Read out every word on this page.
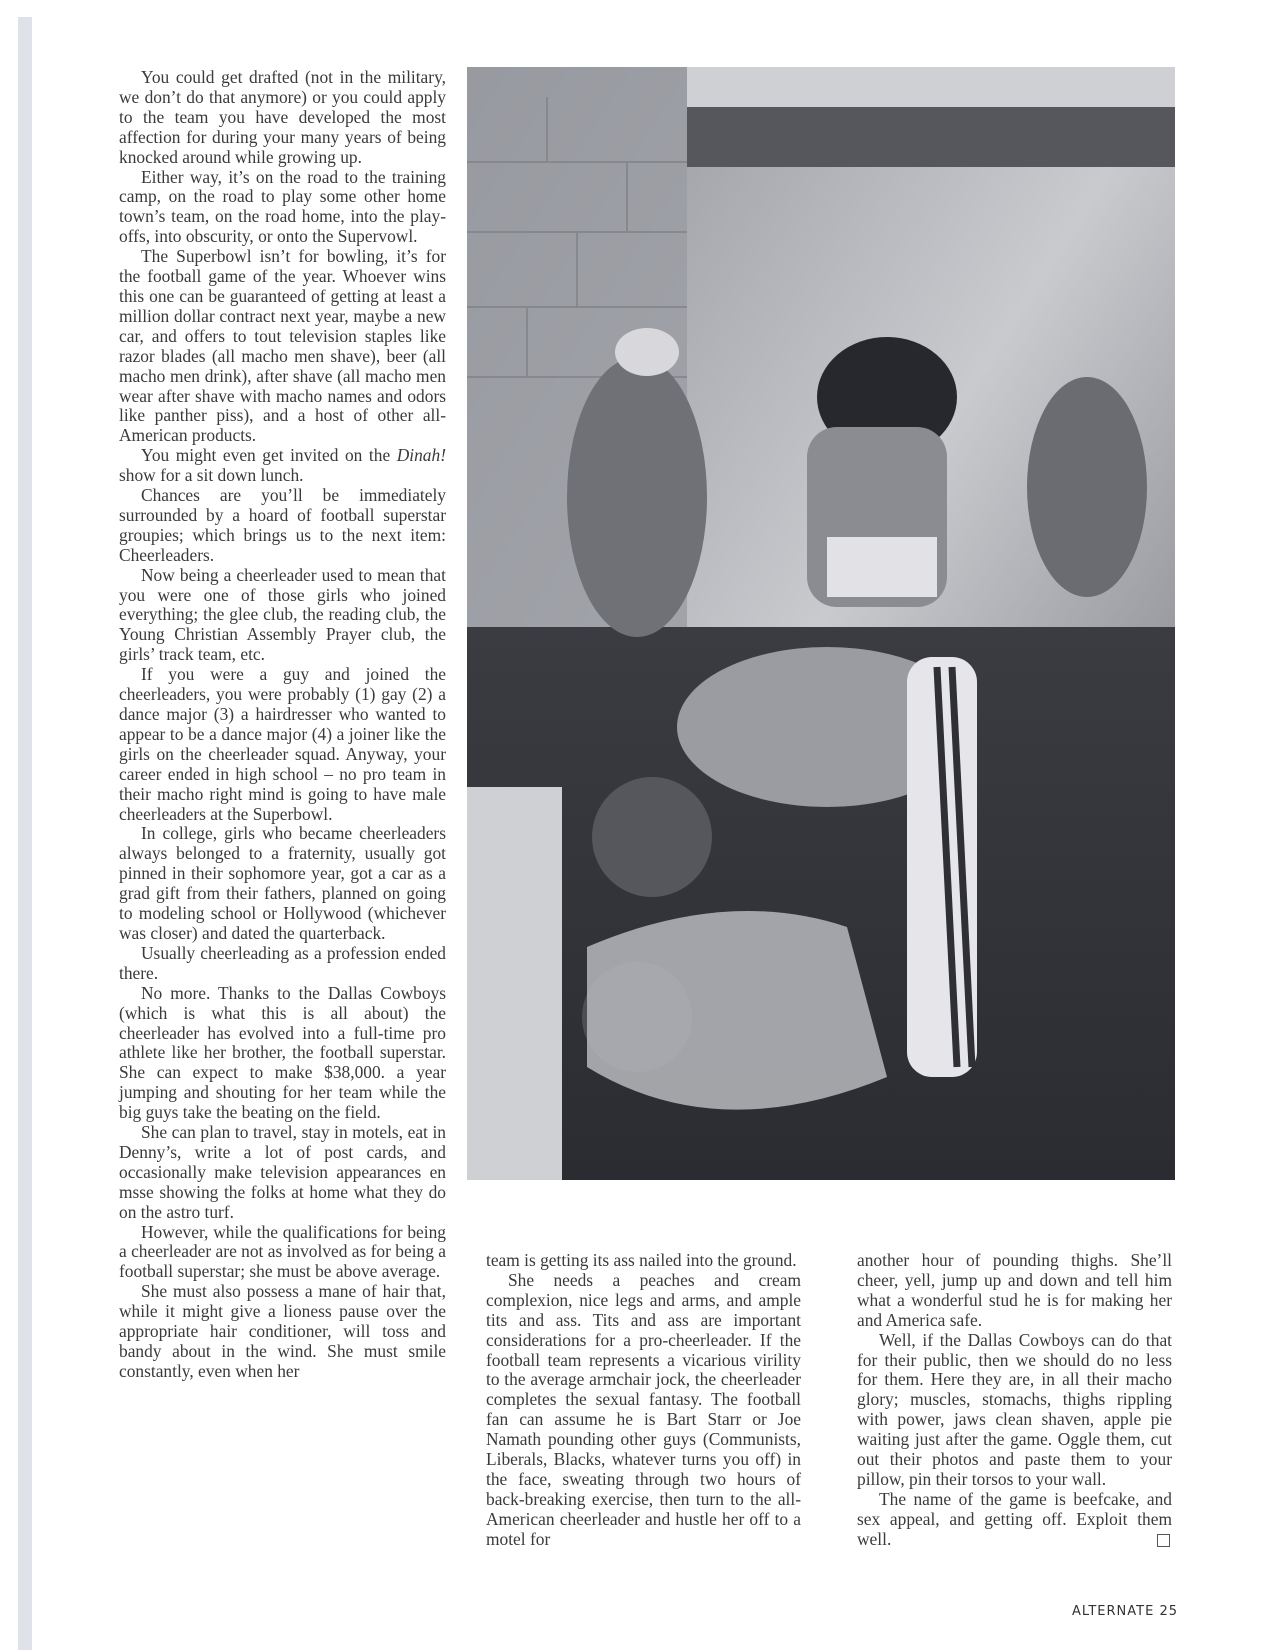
You could get drafted (not in the military, we don’t do that anymore) or you could apply to the team you have developed the most affection for during your many years of being knocked around while growing up.

Either way, it’s on the road to the training camp, on the road to play some other home town’s team, on the road home, into the play-offs, into obscurity, or onto the Supervowl.

The Superbowl isn’t for bowling, it’s for the football game of the year. Whoever wins this one can be guaranteed of getting at least a million dollar contract next year, maybe a new car, and offers to tout television staples like razor blades (all macho men shave), beer (all macho men drink), after shave (all macho men wear after shave with macho names and odors like panther piss), and a host of other all-American products.

You might even get invited on the Dinah! show for a sit down lunch.

Chances are you’ll be immediately surrounded by a hoard of football superstar groupies; which brings us to the next item: Cheerleaders.

Now being a cheerleader used to mean that you were one of those girls who joined everything; the glee club, the reading club, the Young Christian Assembly Prayer club, the girls’ track team, etc.

If you were a guy and joined the cheerleaders, you were probably (1) gay (2) a dance major (3) a hairdresser who wanted to appear to be a dance major (4) a joiner like the girls on the cheerleader squad. Anyway, your career ended in high school – no pro team in their macho right mind is going to have male cheerleaders at the Superbowl.

In college, girls who became cheerleaders always belonged to a fraternity, usually got pinned in their sophomore year, got a car as a grad gift from their fathers, planned on going to modeling school or Hollywood (whichever was closer) and dated the quarterback.

Usually cheerleading as a profession ended there.

No more. Thanks to the Dallas Cowboys (which is what this is all about) the cheerleader has evolved into a full-time pro athlete like her brother, the football superstar. She can expect to make $38,000. a year jumping and shouting for her team while the big guys take the beating on the field.

She can plan to travel, stay in motels, eat in Denny’s, write a lot of post cards, and occasionally make television appearances en msse showing the folks at home what they do on the astro turf.

However, while the qualifications for being a cheerleader are not as involved as for being a football superstar; she must be above average.

She must also possess a mane of hair that, while it might give a lioness pause over the appropriate hair conditioner, will toss and bandy about in the wind. She must smile constantly, even when her

team is getting its ass nailed into the ground.

She needs a peaches and cream complexion, nice legs and arms, and ample tits and ass. Tits and ass are important considerations for a pro-cheerleader. If the football team represents a vicarious virility to the average armchair jock, the cheerleader completes the sexual fantasy. The football fan can assume he is Bart Starr or Joe Namath pounding other guys (Communists, Liberals, Blacks, whatever turns you off) in the face, sweating through two hours of back-breaking exercise, then turn to the all-American cheerleader and hustle her off to a motel for

another hour of pounding thighs. She’ll cheer, yell, jump up and down and tell him what a wonderful stud he is for making her and America safe.

Well, if the Dallas Cowboys can do that for their public, then we should do no less for them. Here they are, in all their macho glory; muscles, stomachs, thighs rippling with power, jaws clean shaven, apple pie waiting just after the game. Oggle them, cut out their photos and paste them to your pillow, pin their torsos to your wall.

The name of the game is beefcake, and sex appeal, and getting off. Exploit them well.

ALTERNATE 25
